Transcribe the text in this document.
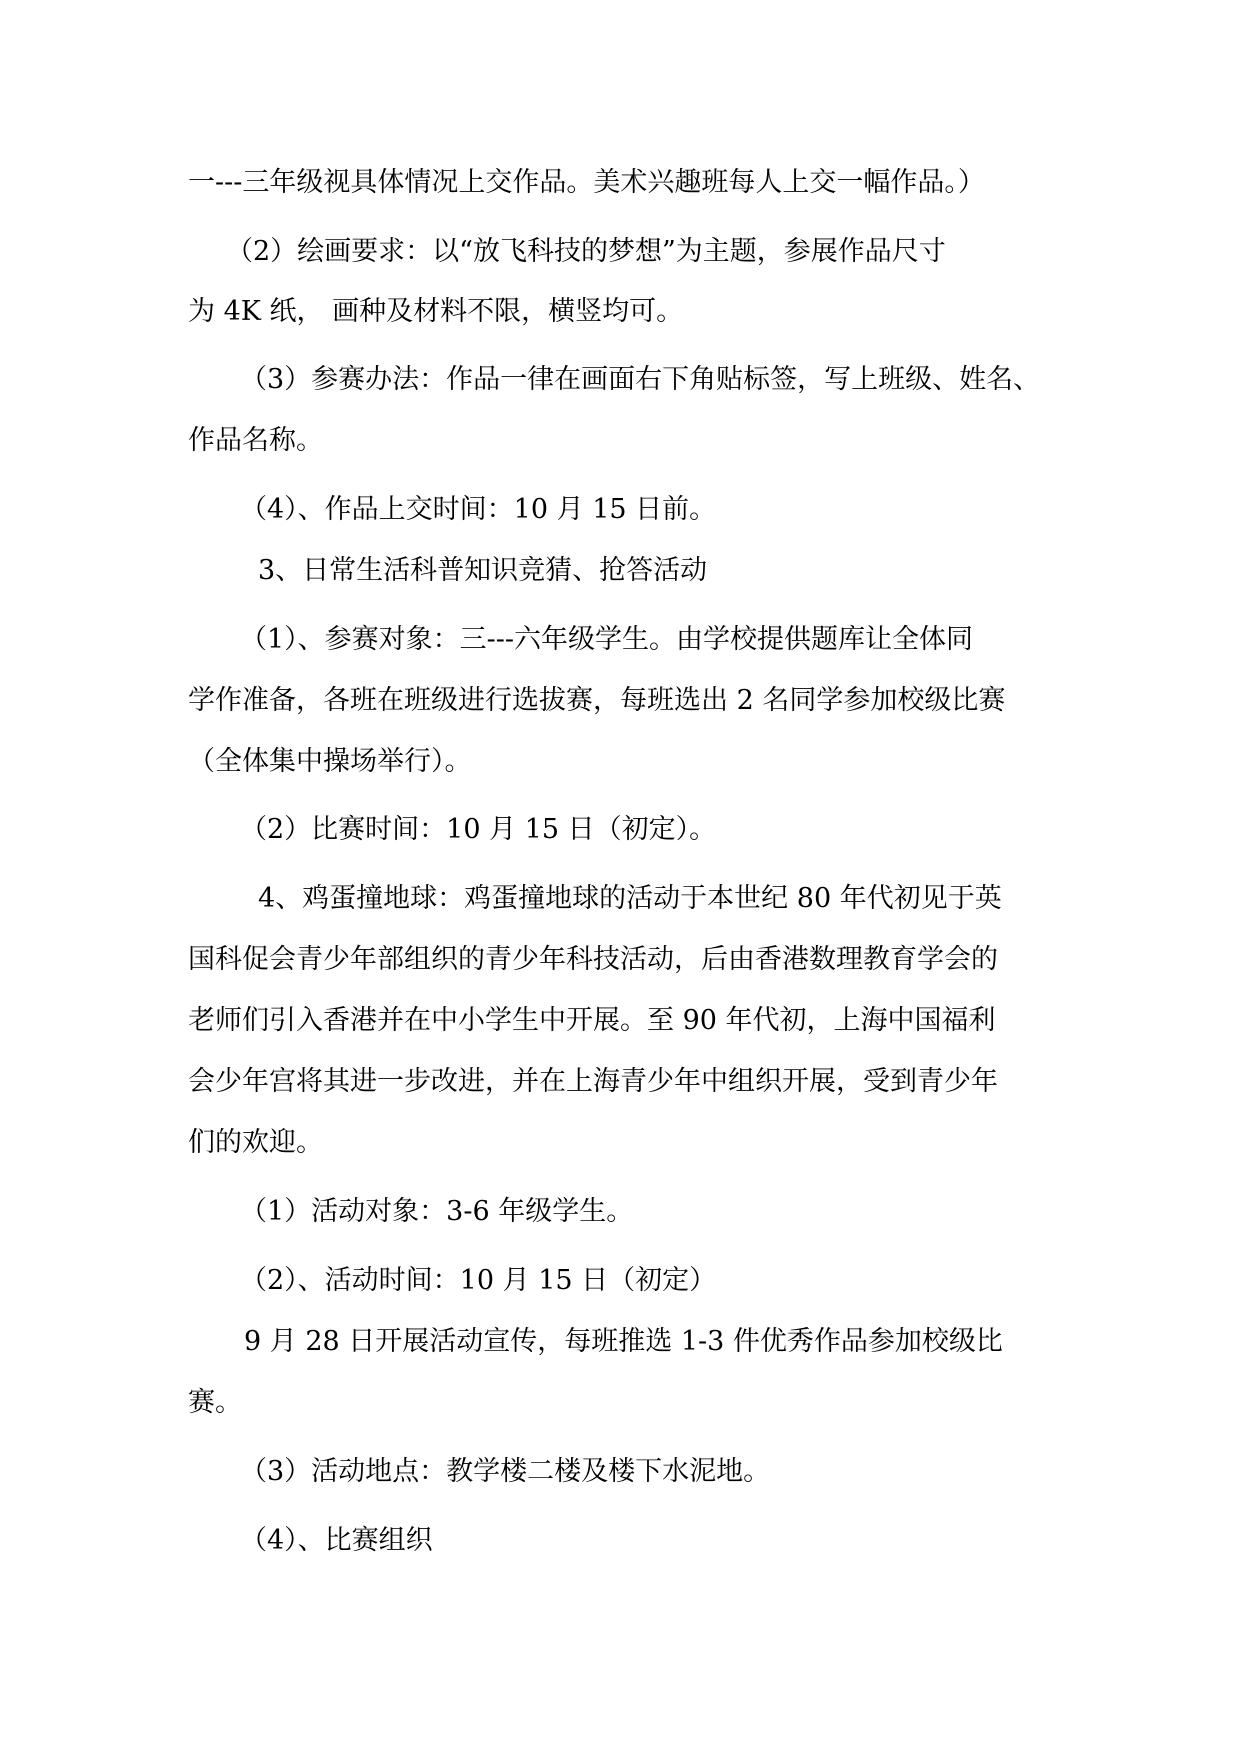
一---三年级视具体情况上交作品。美术兴趣班每人上交一幅作品。）
（2）绘画要求：以“放飞科技的梦想”为主题，参展作品尺寸
为 4K 纸， 画种及材料不限，横竖均可。
（3）参赛办法：作品一律在画面右下角贴标签，写上班级、姓名、
作品名称。
（4）、作品上交时间：10 月 15 日前。
3、日常生活科普知识竞猜、抢答活动
（1）、参赛对象：三---六年级学生。由学校提供题库让全体同
学作准备，各班在班级进行选拔赛，每班选出 2 名同学参加校级比赛
（全体集中操场举行）。
（2）比赛时间：10 月 15 日（初定）。
4、鸡蛋撞地球：鸡蛋撞地球的活动于本世纪 80 年代初见于英
国科促会青少年部组织的青少年科技活动，后由香港数理教育学会的
老师们引入香港并在中小学生中开展。至 90 年代初，上海中国福利
会少年宫将其进一步改进，并在上海青少年中组织开展，受到青少年
们的欢迎。
（1）活动对象：3-6 年级学生。
（2）、活动时间：10 月 15 日（初定）
9 月 28 日开展活动宣传，每班推选 1-3 件优秀作品参加校级比
赛。
（3）活动地点：教学楼二楼及楼下水泥地。
（4）、比赛组织
